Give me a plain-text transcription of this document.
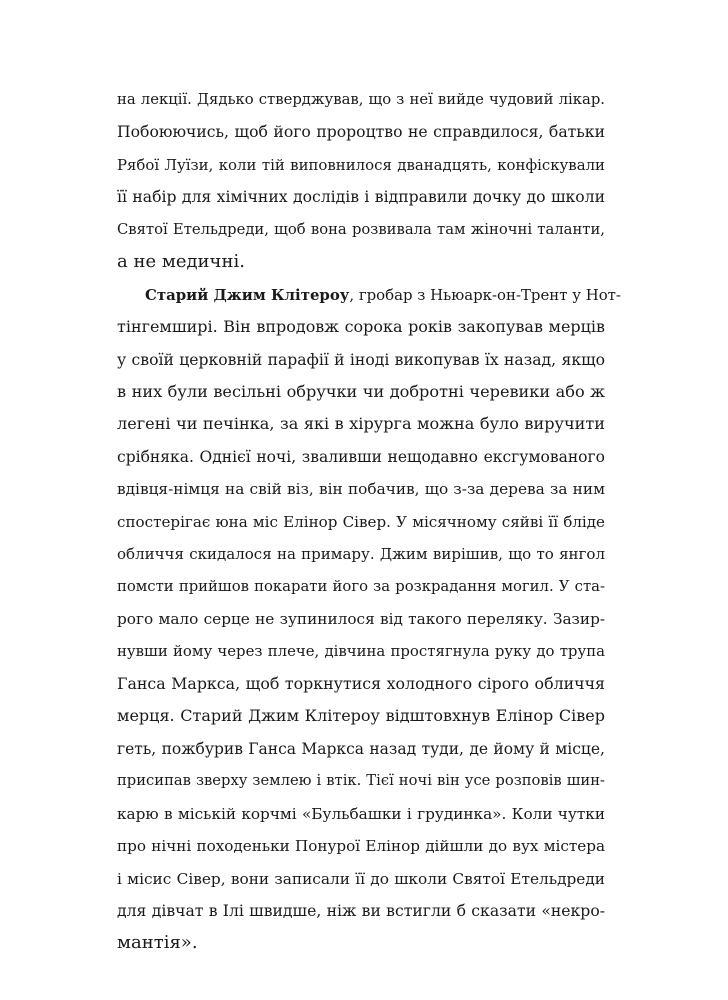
на лекції. Дядько стверджував, що з неї вийде чудовий лікар.
Побоюючись, щоб його пророцтво не справдилося, батьки
Рябої Луїзи, коли тій виповнилося дванадцять, конфіскували
її набір для хімічних дослідів і відправили дочку до школи
Святої Етельдреди, щоб вона розвивала там жіночні таланти,
а не медичні.
Старий Джим Клітероу, гробар з Ньюарк-он-Трент у Нот-
тінгемширі. Він впродовж сорока років закопував мерців
у своїй церковній парафії й іноді викопував їх назад, якщо
в них були весільні обручки чи добротні черевики або ж
легені чи печінка, за які в хірурга можна було виручити
срібняка. Однієї ночі, звaливши нещодавно ексгумованого
вдівця-німця на свій віз, він побачив, що з-за дерева за ним
спостерігає юна міс Елінор Сівер. У місячному сяйві її бліде
обличчя скидалося на примару. Джим вирішив, що то янгол
помсти прийшов покарати його за розкрадання могил. У ста-
рого мало серце не зупинилося від такого переляку. Зазир-
нувши йому через плече, дівчина простягнула руку до трупа
Ганса Маркса, щоб торкнутися холодного сірого обличчя
мерця. Старий Джим Клітероу відштовхнув Елінор Сівер
геть, пожбурив Ганса Маркса назад туди, де йому й місце,
присипав зверху землею і втік. Тієї ночі він усе розповів шин-
карю в міській корчмі «Бульбашки і грудинка». Коли чутки
про нічні походеньки Понурої Елінор дійшли до вух містера
і місис Сівер, вони записали її до школи Святої Етельдреди
для дівчат в Ілі швидше, ніж ви встигли б сказати «некро-
мантія».
